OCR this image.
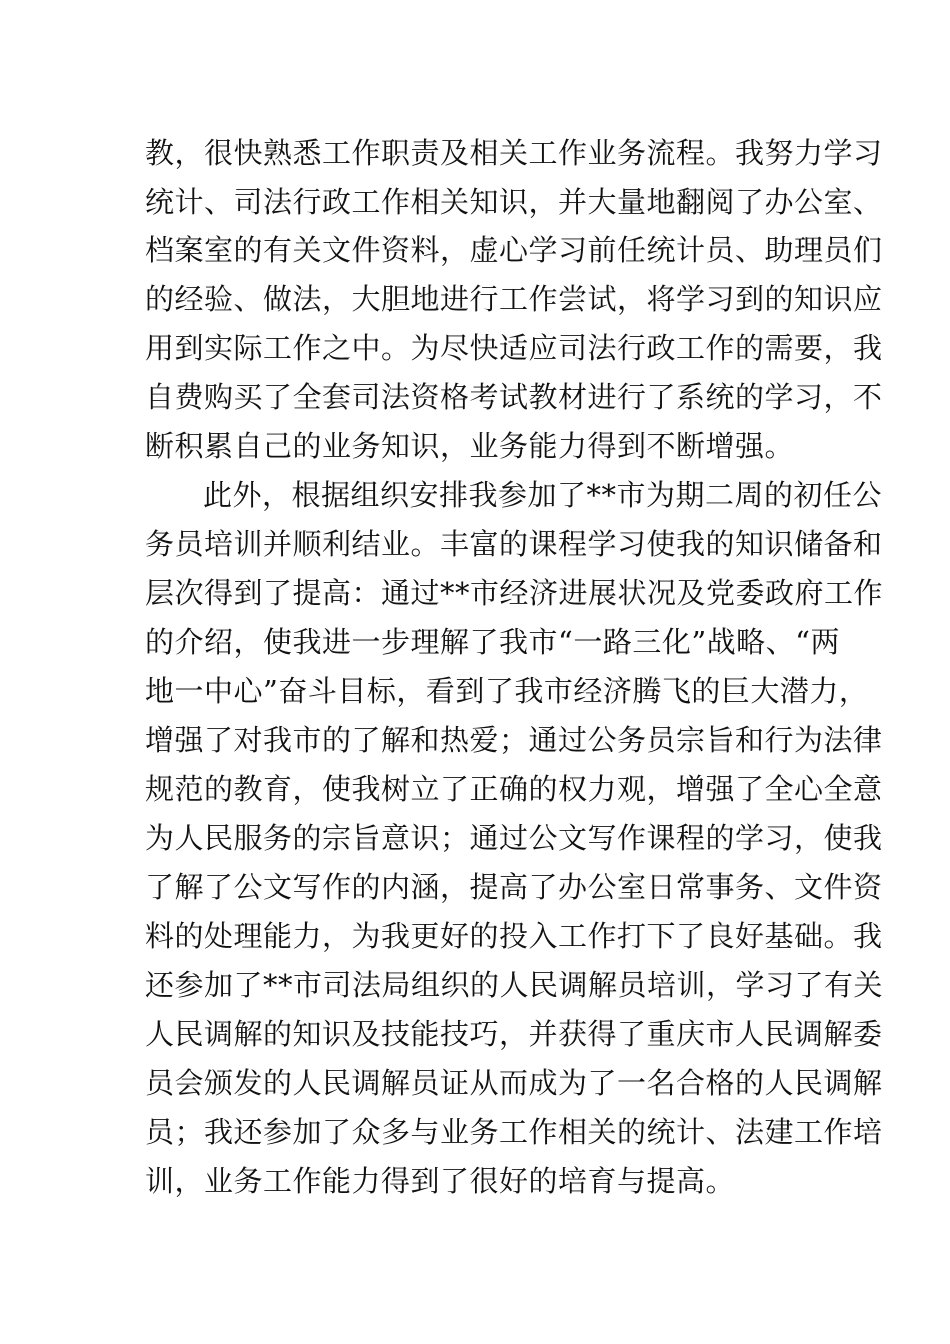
教，很快熟悉工作职责及相关工作业务流程。我努力学习
统计、司法行政工作相关知识，并大量地翻阅了办公室、
档案室的有关文件资料，虚心学习前任统计员、助理员们
的经验、做法，大胆地进行工作尝试，将学习到的知识应
用到实际工作之中。为尽快适应司法行政工作的需要，我
自费购买了全套司法资格考试教材进行了系统的学习，不
断积累自己的业务知识，业务能力得到不断增强。
此外，根据组织安排我参加了**市为期二周的初任公
务员培训并顺利结业。丰富的课程学习使我的知识储备和
层次得到了提高：通过**市经济进展状况及党委政府工作
的介绍，使我进一步理解了我市“一路三化”战略、“两
地一中心”奋斗目标，看到了我市经济腾飞的巨大潜力，
增强了对我市的了解和热爱；通过公务员宗旨和行为法律
规范的教育，使我树立了正确的权力观，增强了全心全意
为人民服务的宗旨意识；通过公文写作课程的学习，使我
了解了公文写作的内涵，提高了办公室日常事务、文件资
料的处理能力，为我更好的投入工作打下了良好基础。我
还参加了**市司法局组织的人民调解员培训，学习了有关
人民调解的知识及技能技巧，并获得了重庆市人民调解委
员会颁发的人民调解员证从而成为了一名合格的人民调解
员；我还参加了众多与业务工作相关的统计、法建工作培
训，业务工作能力得到了很好的培育与提高。
